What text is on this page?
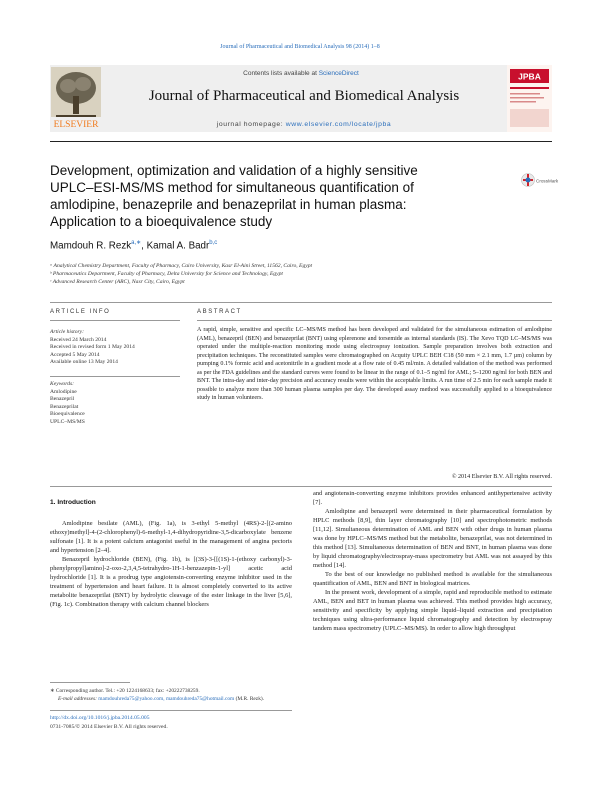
Journal of Pharmaceutical and Biomedical Analysis 98 (2014) 1–8
ELSEVIER
Contents lists available at ScienceDirect
Journal of Pharmaceutical and Biomedical Analysis
journal homepage: www.elsevier.com/locate/jpba
JPBA
Development, optimization and validation of a highly sensitive
UPLC–ESI-MS/MS method for simultaneous quantification of
amlodipine, benazeprile and benazeprilat in human plasma:
Application to a bioequivalence study
CrossMark
Mamdouh R. Rezk$^{a,∗}$, Kamal A. Badr$^{b,c}$
ᵃ Analytical Chemistry Department, Faculty of Pharmacy, Cairo University, Kasr El-Aini Street, 11562, Cairo, Egypt
ᵇ Pharmaceutics Department, Faculty of Pharmacy, Delta University for Science and Technology, Egypt
ᶜ Advanced Research Center (ARC), Nasr City, Cairo, Egypt
ARTICLE INFO	ABSTRACT
Article history:
Received 24 March 2014
Received in revised form 1 May 2014
Accepted 5 May 2014
Available online 13 May 2014
Keywords:
Amlodipine
Benazepril
Benazeprilat
Bioequivalence
UPLC–MS/MS
A rapid, simple, sensitive and specific LC–MS/MS method has been developed and validated for the simultaneous estimation of amlodipine (AML), benazepril (BEN) and benazeprilat (BNT) using eplerenone and torsemide as internal standards (IS). The Xevo TQD LC–MS/MS was operated under the multiple-reaction monitoring mode using electrospray ionization. Sample preparation involves both extraction and precipitation techniques. The reconstituted samples were chromatographed on Acquity UPLC BEH C18 (50 mm × 2.1 mm, 1.7 µm) column by pumping 0.1% formic acid and acetonitrile in a gradient mode at a flow rate of 0.45 ml/min. A detailed validation of the method was performed as per the FDA guidelines and the standard curves were found to be linear in the range of 0.1–5 ng/ml for AML; 5–1200 ng/ml for both BEN and BNT. The intra-day and inter-day precision and accuracy results were within the acceptable limits. A run time of 2.5 min for each sample made it possible to analyze more than 300 human plasma samples per day. The developed assay method was successfully applied to a bioequivalence study in human volunteers.
© 2014 Elsevier B.V. All rights reserved.
1. Introduction

Amlodipine besilate (AML), (Fig. 1a), is 3-ethyl 5-methyl (4RS)-2-[(2-amino ethoxy)methyl]-4-(2-chlorophenyl)-6-methyl-1,4-dihydropyridine-3,5-dicarboxylate benzene sulfonate [1]. It is a potent calcium antagonist useful in the management of angina pectoris and hypertension [2–4].

Benazepril hydrochloride (BEN), (Fig. 1b), is [(3S)-3-[[(1S)-1-(ethoxy carbonyl)-3-phenylpropyl]amino]-2-oxo-2,3,4,5-tetrahydro-1H-1-benzazepin-1-yl] acetic acid hydrochloride [1]. It is a prodrug type angiotensin-converting enzyme inhibitor used in the treatment of hypertension and heart failure. It is almost completely converted to its active metabolite benazeprilat (BNT) by hydrolytic cleavage of the ester linkage in the liver [5,6], (Fig. 1c). Combination therapy with calcium channel blockers

and angiotensin-converting enzyme inhibitors provides enhanced antihypertensive activity [7].

Amlodipine and benazepril were determined in their pharmaceutical formulation by HPLC methods [8,9], thin layer chromatography [10] and spectrophotometric methods [11,12]. Simultaneous determination of AML and BEN with other drugs in human plasma was done by HPLC–MS/MS method but the metabolite, benazeprilat, was not determined in this method [13]. Simultaneous determination of BEN and BNT, in human plasma was done by liquid chromatography/electrospray-mass spectrometry but AML was not assayed by this method [14].

To the best of our knowledge no published method is available for the simultaneous quantification of AML, BEN and BNT in biological matrices.

In the present work, development of a simple, rapid and reproducible method to estimate AML, BEN and BET in human plasma was achieved. This method provides high accuracy, sensitivity and specificity by applying simple liquid–liquid extraction and precipitation techniques using ultra-performance liquid chromatography and detection by electrospray tandem mass spectrometry (UPLC–MS/MS). In order to allow high throughput

∗ Corresponding author. Tel.: +20 1224168633; fax: +20222738259.
E-mail addresses: mamdouhreda75@yahoo.com, mamdouhreda75@hotmail.com (M.R. Rezk).
http://dx.doi.org/10.1016/j.jpba.2014.05.005
0731-7085/© 2014 Elsevier B.V. All rights reserved.
